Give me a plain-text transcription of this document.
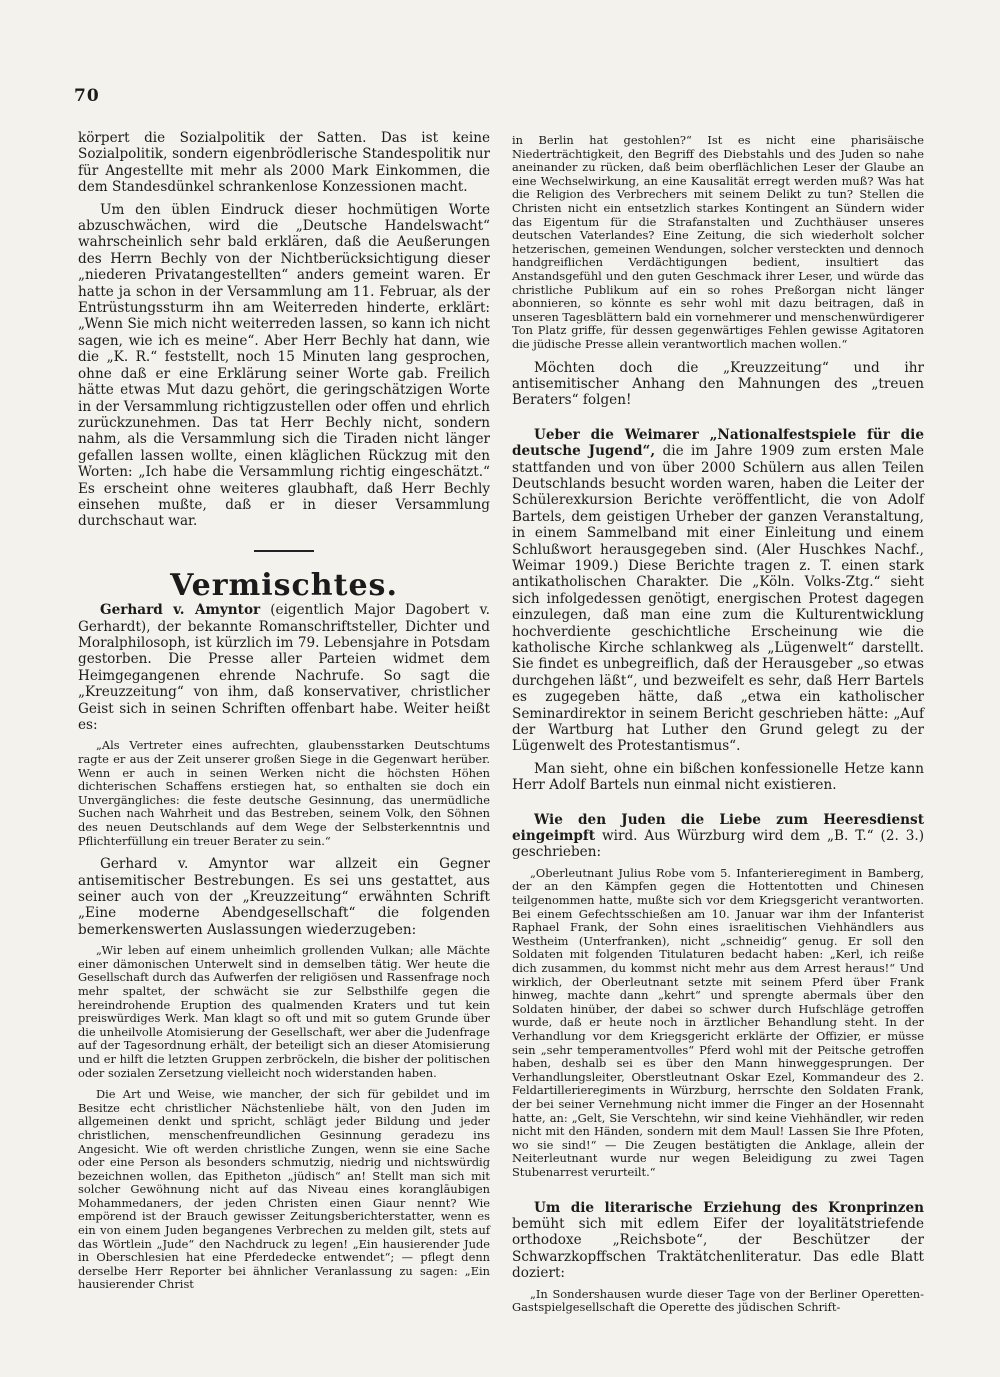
70

körpert die Sozialpolitik der Satten. Das ist keine Sozialpolitik, sondern eigenbrödlerische Standespolitik nur für Angestellte mit mehr als 2000 Mark Einkommen, die dem Standesdünkel schrankenlose Konzessionen macht.

Um den üblen Eindruck dieser hochmütigen Worte abzuschwächen, wird die „Deutsche Handelswacht“ wahrscheinlich sehr bald erklären, daß die Aeußerungen des Herrn Bechly von der Nichtberücksichtigung dieser „niederen Privatangestellten“ anders gemeint waren. Er hatte ja schon in der Versammlung am 11. Februar, als der Entrüstungssturm ihn am Weiterreden hinderte, erklärt: „Wenn Sie mich nicht weiterreden lassen, so kann ich nicht sagen, wie ich es meine“. Aber Herr Bechly hat dann, wie die „K. R.“ feststellt, noch 15 Minuten lang gesprochen, ohne daß er eine Erklärung seiner Worte gab. Freilich hätte etwas Mut dazu gehört, die geringschätzigen Worte in der Versammlung richtigzustellen oder offen und ehrlich zurückzunehmen. Das tat Herr Bechly nicht, sondern nahm, als die Versammlung sich die Tiraden nicht länger gefallen lassen wollte, einen kläglichen Rückzug mit den Worten: „Ich habe die Versammlung richtig eingeschätzt.“ Es erscheint ohne weiteres glaubhaft, daß Herr Bechly einsehen mußte, daß er in dieser Versammlung durchschaut war.

Vermischtes.

Gerhard v. Amyntor (eigentlich Major Dagobert v. Gerhardt), der bekannte Romanschriftsteller, Dichter und Moralphilosoph, ist kürzlich im 79. Lebensjahre in Potsdam gestorben. Die Presse aller Parteien widmet dem Heimgegangenen ehrende Nachrufe. So sagt die „Kreuzzeitung“ von ihm, daß konservativer, christlicher Geist sich in seinen Schriften offenbart habe. Weiter heißt es:

„Als Vertreter eines aufrechten, glaubensstarken Deutschtums ragte er aus der Zeit unserer großen Siege in die Gegenwart herüber. Wenn er auch in seinen Werken nicht die höchsten Höhen dichterischen Schaffens erstiegen hat, so enthalten sie doch ein Unvergängliches: die feste deutsche Gesinnung, das unermüdliche Suchen nach Wahrheit und das Bestreben, seinem Volk, den Söhnen des neuen Deutschlands auf dem Wege der Selbsterkenntnis und Pflichterfüllung ein treuer Berater zu sein.“

Gerhard v. Amyntor war allzeit ein Gegner antisemitischer Bestrebungen. Es sei uns gestattet, aus seiner auch von der „Kreuzzeitung“ erwähnten Schrift „Eine moderne Abendgesellschaft“ die folgenden bemerkenswerten Auslassungen wiederzugeben:

„Wir leben auf einem unheimlich grollenden Vulkan; alle Mächte einer dämonischen Unterwelt sind in demselben tätig. Wer heute die Gesellschaft durch das Aufwerfen der religiösen und Rassenfrage noch mehr spaltet, der schwächt sie zur Selbsthilfe gegen die hereindrohende Eruption des qualmenden Kraters und tut kein preiswürdiges Werk. Man klagt so oft und mit so gutem Grunde über die unheilvolle Atomisierung der Gesellschaft, wer aber die Judenfrage auf der Tagesordnung erhält, der beteiligt sich an dieser Atomisierung und er hilft die letzten Gruppen zerbröckeln, die bisher der politischen oder sozialen Zersetzung vielleicht noch widerstanden haben.

Die Art und Weise, wie mancher, der sich für gebildet und im Besitze echt christlicher Nächstenliebe hält, von den Juden im allgemeinen denkt und spricht, schlägt jeder Bildung und jeder christlichen, menschenfreundlichen Gesinnung geradezu ins Angesicht. Wie oft werden christliche Zungen, wenn sie eine Sache oder eine Person als besonders schmutzig, niedrig und nichtswürdig bezeichnen wollen, das Epitheton „jüdisch“ an! Stellt man sich mit solcher Gewöhnung nicht auf das Niveau eines koranglāubigen Mohammedaners, der jeden Christen einen Giaur nennt? Wie empörend ist der Brauch gewisser Zeitungsberichterstatter, wenn es ein von einem Juden begangenes Verbrechen zu melden gilt, stets auf das Wörtlein „Jude“ den Nachdruck zu legen! „Ein hausierender Jude in Oberschlesien hat eine Pferdedecke entwendet“; — pflegt denn derselbe Herr Reporter bei ähnlicher Veranlassung zu sagen: „Ein hausierender Christ

in Berlin hat gestohlen?“ Ist es nicht eine pharisäische Niederträchtigkeit, den Begriff des Diebstahls und des Juden so nahe aneinander zu rücken, daß beim oberflächlichen Leser der Glaube an eine Wechselwirkung, an eine Kausalität erregt werden muß? Was hat die Religion des Verbrechers mit seinem Delikt zu tun? Stellen die Christen nicht ein entsetzlich starkes Kontingent an Sündern wider das Eigentum für die Strafanstalten und Zuchthäuser unseres deutschen Vaterlandes? Eine Zeitung, die sich wiederholt solcher hetzerischen, gemeinen Wendungen, solcher versteckten und dennoch handgreiflichen Verdächtigungen bedient, insultiert das Anstandsgefühl und den guten Geschmack ihrer Leser, und würde das christliche Publikum auf ein so rohes Preßorgan nicht länger abonnieren, so könnte es sehr wohl mit dazu beitragen, daß in unseren Tagesblättern bald ein vornehmerer und menschenwürdigerer Ton Platz griffe, für dessen gegenwärtiges Fehlen gewisse Agitatoren die jüdische Presse allein verantwortlich machen wollen.“

Möchten doch die „Kreuzzeitung“ und ihr antisemitischer Anhang den Mahnungen des „treuen Beraters“ folgen!

Ueber die Weimarer „Nationalfestspiele für die deutsche Jugend“, die im Jahre 1909 zum ersten Male stattfanden und von über 2000 Schülern aus allen Teilen Deutschlands besucht worden waren, haben die Leiter der Schülerexkursion Berichte veröffentlicht, die von Adolf Bartels, dem geistigen Urheber der ganzen Veranstaltung, in einem Sammelband mit einer Einleitung und einem Schlußwort herausgegeben sind. (Aler Huschkes Nachf., Weimar 1909.) Diese Berichte tragen z. T. einen stark antikatholischen Charakter. Die „Köln. Volks-Ztg.“ sieht sich infolgedessen genötigt, energischen Protest dagegen einzulegen, daß man eine zum die Kulturentwicklung hochverdiente geschichtliche Erscheinung wie die katholische Kirche schlankweg als „Lügenwelt“ darstellt. Sie findet es unbegreiflich, daß der Herausgeber „so etwas durchgehen läßt“, und bezweifelt es sehr, daß Herr Bartels es zugegeben hätte, daß „etwa ein katholischer Seminardirektor in seinem Bericht geschrieben hätte: „Auf der Wartburg hat Luther den Grund gelegt zu der Lügenwelt des Protestantismus“.

Man sieht, ohne ein bißchen konfessionelle Hetze kann Herr Adolf Bartels nun einmal nicht existieren.

Wie den Juden die Liebe zum Heeresdienst eingeimpft wird. Aus Würzburg wird dem „B. T.“ (2. 3.) geschrieben:

„Oberleutnant Julius Robe vom 5. Infanterieregiment in Bamberg, der an den Kämpfen gegen die Hottentotten und Chinesen teilgenommen hatte, mußte sich vor dem Kriegsgericht verantworten. Bei einem Gefechtsschießen am 10. Januar war ihm der Infanterist Raphael Frank, der Sohn eines israelitischen Viehhändlers aus Westheim (Unterfranken), nicht „schneidig“ genug. Er soll den Soldaten mit folgenden Titulaturen bedacht haben: „Kerl, ich reiße dich zusammen, du kommst nicht mehr aus dem Arrest heraus!“ Und wirklich, der Oberleutnant setzte mit seinem Pferd über Frank hinweg, machte dann „kehrt“ und sprengte abermals über den Soldaten hinüber, der dabei so schwer durch Hufschläge getroffen wurde, daß er heute noch in ärztlicher Behandlung steht. In der Verhandlung vor dem Kriegsgericht erklärte der Offizier, er müsse sein „sehr temperamentvolles“ Pferd wohl mit der Peitsche getroffen haben, deshalb sei es über den Mann hinweggesprungen. Der Verhandlungsleiter, Oberstleutnant Oskar Ezel, Kommandeur des 2. Feldartillerieregiments in Würzburg, herrschte den Soldaten Frank, der bei seiner Vernehmung nicht immer die Finger an der Hosennaht hatte, an: „Gelt, Sie Verschtehn, wir sind keine Viehhändler, wir reden nicht mit den Händen, sondern mit dem Maul! Lassen Sie Ihre Pfoten, wo sie sind!“ — Die Zeugen bestätigten die Anklage, allein der Neiterleutnant wurde nur wegen Beleidigung zu zwei Tagen Stubenarrest verurteilt.“

Um die literarische Erziehung des Kronprinzen bemüht sich mit edlem Eifer der loyalitätstriefende orthodoxe „Reichsbote“, der Beschützer der Schwarzkopffschen Traktätchenliteratur. Das edle Blatt doziert:

„In Sondershausen wurde dieser Tage von der Berliner Operetten-Gastspielgesellschaft die Operette des jüdischen Schrift-
